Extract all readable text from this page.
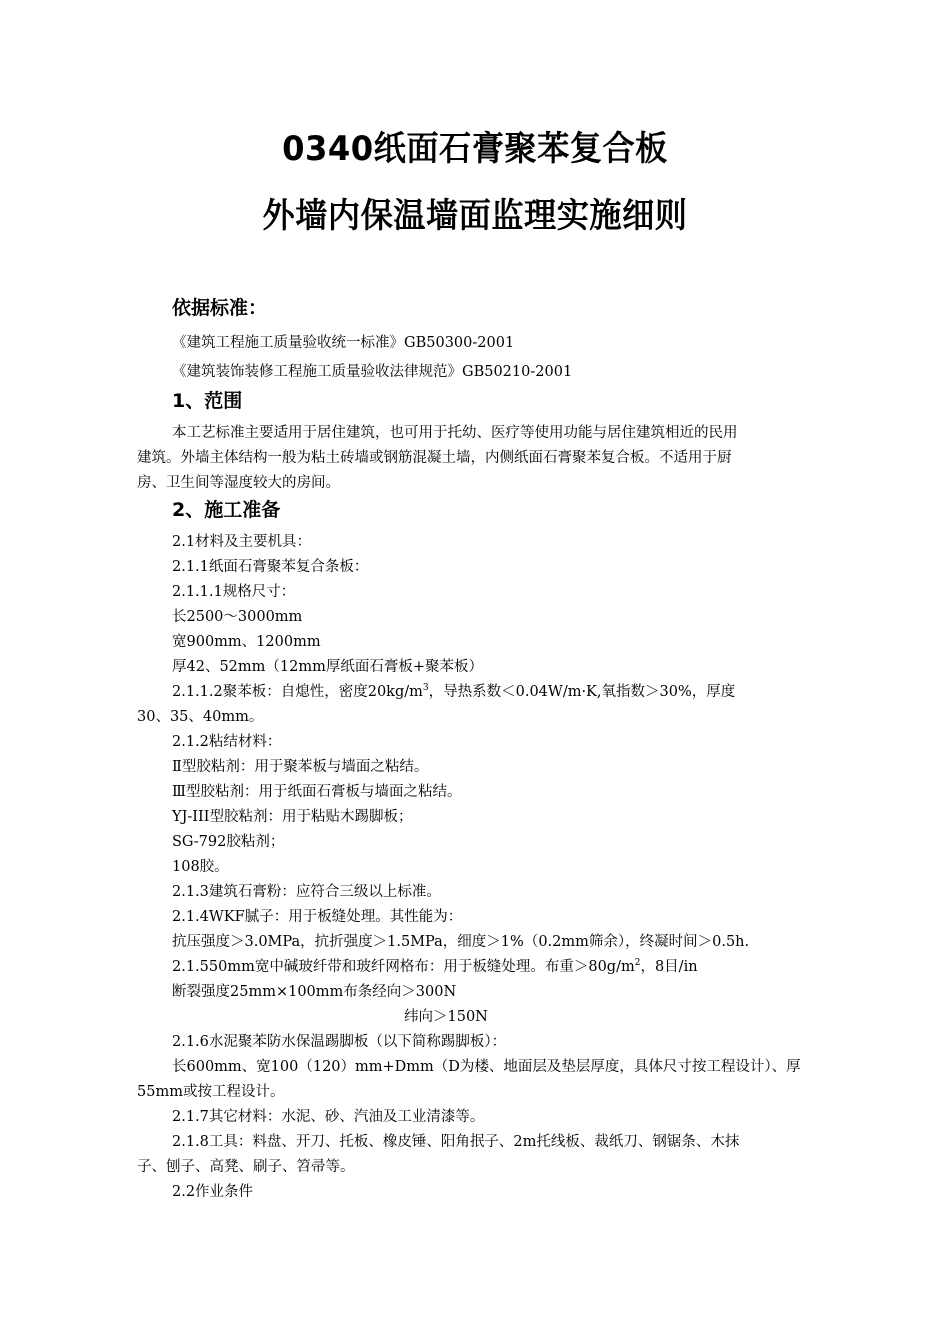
0340纸面石膏聚苯复合板
外墙内保温墙面监理实施细则
依据标准：
《建筑工程施工质量验收统一标准》GB50300-2001
《建筑装饰装修工程施工质量验收法律规范》GB50210-2001
1、范围
本工艺标准主要适用于居住建筑，也可用于托幼、医疗等使用功能与居住建筑相近的民用
建筑。外墙主体结构一般为粘土砖墙或钢筋混凝土墙，内侧纸面石膏聚苯复合板。不适用于厨
房、卫生间等湿度较大的房间。
2、施工准备
2.1材料及主要机具：
2.1.1纸面石膏聚苯复合条板：
2.1.1.1规格尺寸：
长2500～3000mm
宽900mm、1200mm
厚42、52mm（12mm厚纸面石膏板+聚苯板）
2.1.1.2聚苯板：自熄性，密度$20kg/m^3$，导热系数＜0.04W/m·K,氧指数＞30%，厚度
30、35、40mm。
2.1.2粘结材料：
Ⅱ型胶粘剂：用于聚苯板与墙面之粘结。
Ⅲ型胶粘剂：用于纸面石膏板与墙面之粘结。
YJ-III型胶粘剂：用于粘贴木踢脚板；
SG-792胶粘剂；
108胶。
2.1.3建筑石膏粉：应符合三级以上标准。
2.1.4WKF腻子：用于板缝处理。其性能为：
抗压强度＞3.0MPa，抗折强度＞1.5MPa，细度＞1%（0.2mm筛余），终凝时间＞0.5h.
2.1.550mm宽中碱玻纤带和玻纤网格布：用于板缝处理。布重$>80g/m^2$，8目/in
断裂强度25mm×100mm布条经向＞300N
纬向＞150N
2.1.6水泥聚苯防水保温踢脚板（以下简称踢脚板）：
长600mm、宽100（120）mm+Dmm（D为楼、地面层及垫层厚度，具体尺寸按工程设计）、厚
55mm或按工程设计。
2.1.7其它材料：水泥、砂、汽油及工业清漆等。
2.1.8工具：料盘、开刀、托板、橡皮锤、阳角抿子、2m托线板、裁纸刀、钢锯条、木抹
子、刨子、高凳、刷子、笤帚等。
2.2作业条件
